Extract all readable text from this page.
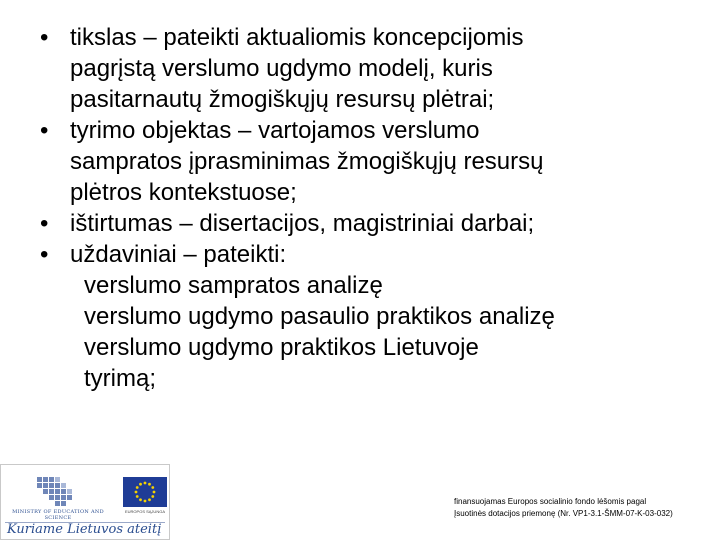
• tikslas – pateikti aktualiomis koncepcijomis
pagrįstą verslumo ugdymo modelį, kuris
pasitarnautų žmogiškųjų resursų plėtrai;
• tyrimo objektas – vartojamos verslumo
sampratos įprasminimas žmogiškųjų resursų
plėtros kontekstuose;
• ištirtumas – disertacijos, magistriniai darbai;
• uždaviniai – pateikti:
verslumo sampratos analizę
verslumo ugdymo pasaulio praktikos analizę
verslumo ugdymo praktikos Lietuvoje
tyrimą;
MINISTRY OF EDUCATION AND SCIENCE
EUROPOS SĄJUNGA
Kuriame Lietuvos ateitį
finansuojamas Europos socialinio fondo lėšomis pagal
Įsuotinės dotacijos priemonę (Nr. VP1-3.1-ŠMM-07-K-03-032)
